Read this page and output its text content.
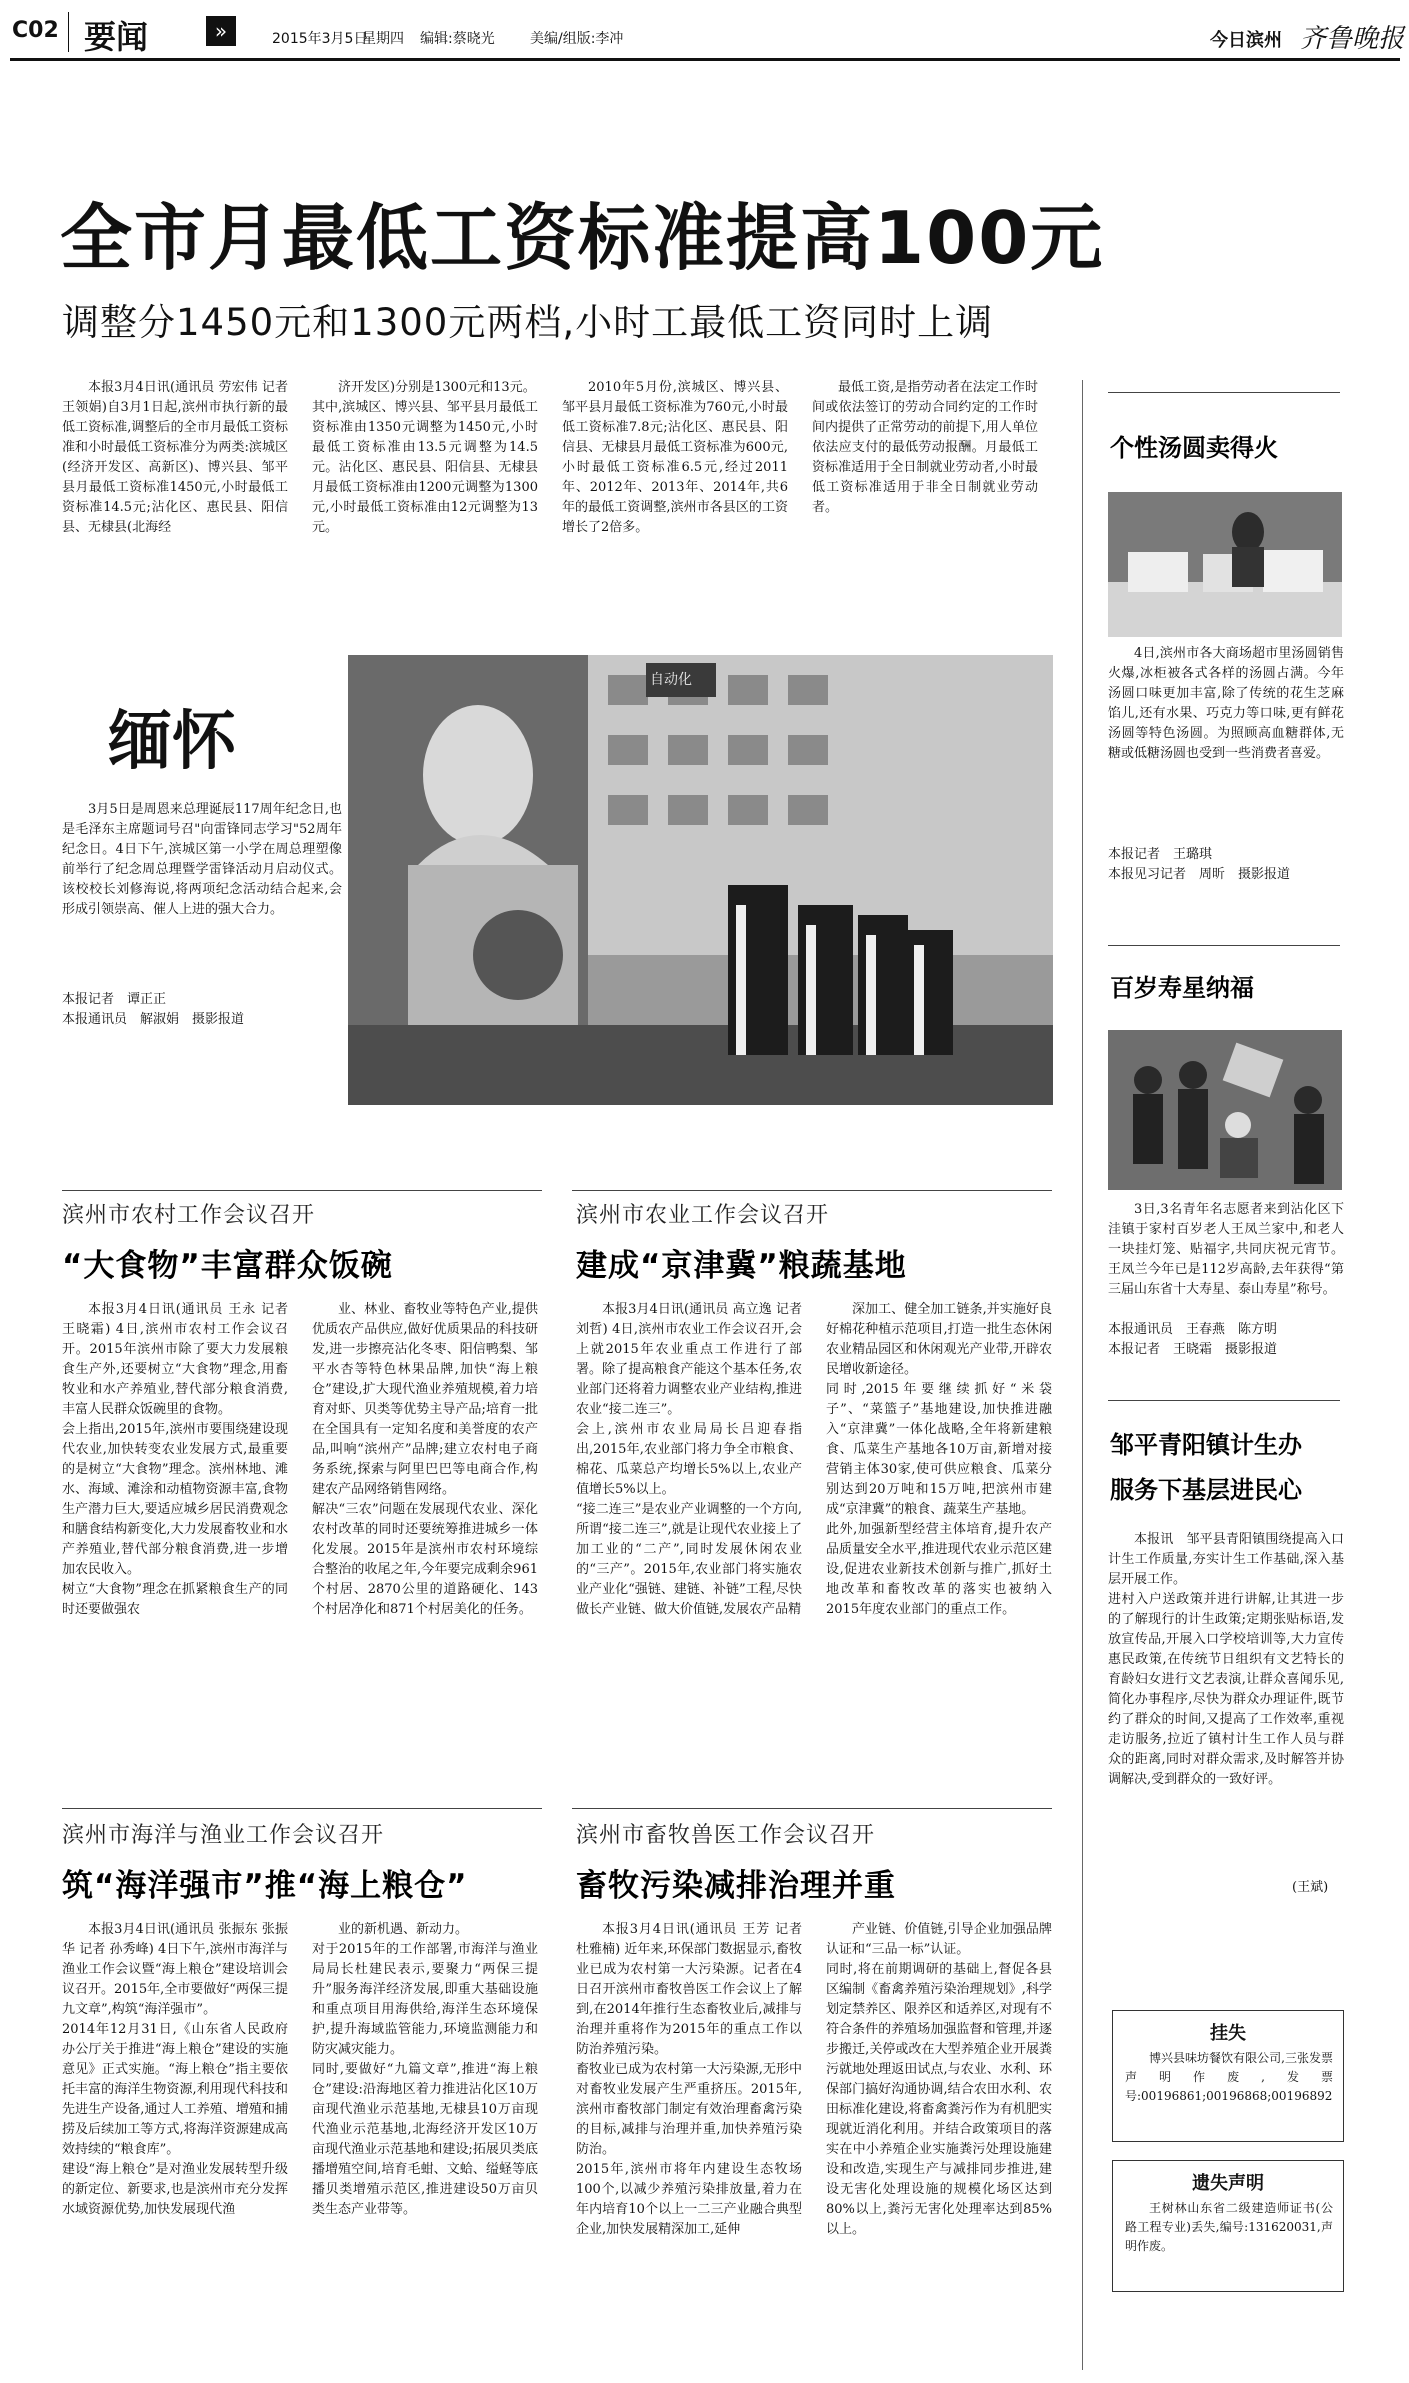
C02 要闻	»	2015年3月5日
星期四 编辑:蔡晓光	美编/组版:李冲	今日滨州 齐鲁晚报
全市月最低工资标准提高100元
调整分1450元和1300元两档,小时工最低工资同时上调
本报3月4日讯(通讯员 劳宏伟 记者 王领娟)自3月1日起,滨州市执行新的最低工资标准,调整后的全市月最低工资标准和小时最低工资标准分为两类:滨城区(经济开发区、高新区)、博兴县、邹平县月最低工资标准1450元,小时最低工资标准14.5元;沾化区、惠民县、阳信县、无棣县(北海经
济开发区)分别是1300元和13元。
其中,滨城区、博兴县、邹平县月最低工资标准由1350元调整为1450元,小时最低工资标准由13.5元调整为14.5元。沾化区、惠民县、阳信县、无棣县月最低工资标准由1200元调整为1300元,小时最低工资标准由12元调整为13元。
2010年5月份,滨城区、博兴县、邹平县月最低工资标准为760元,小时最低工资标准7.8元;沾化区、惠民县、阳信县、无棣县月最低工资标准为600元,小时最低工资标准6.5元,经过2011年、2012年、2013年、2014年,共6年的最低工资调整,滨州市各县区的工资增长了2倍多。
最低工资,是指劳动者在法定工作时间或依法签订的劳动合同约定的工作时间内提供了正常劳动的前提下,用人单位依法应支付的最低劳动报酬。月最低工资标准适用于全日制就业劳动者,小时最低工资标准适用于非全日制就业劳动者。
缅怀
3月5日是周恩来总理诞辰117周年纪念日,也是毛泽东主席题词号召"向雷锋同志学习"52周年纪念日。4日下午,滨城区第一小学在周总理塑像前举行了纪念周总理暨学雷锋活动月启动仪式。该校校长刘修海说,将两项纪念活动结合起来,会形成引领崇高、催人上进的强大合力。
本报记者　谭正正
本报通讯员　解淑娟　摄影报道
自动化
滨州市农村工作会议召开
“大食物”丰富群众饭碗
本报3月4日讯(通讯员 王永 记者 王晓霜) 4日,滨州市农村工作会议召开。2015年滨州市除了要大力发展粮食生产外,还要树立“大食物”理念,用畜牧业和水产养殖业,替代部分粮食消费,丰富人民群众饭碗里的食物。
会上指出,2015年,滨州市要围绕建设现代农业,加快转变农业发展方式,最重要的是树立“大食物”理念。滨州林地、滩水、海域、滩涂和动植物资源丰富,食物生产潜力巨大,要适应城乡居民消费观念和膳食结构新变化,大力发展畜牧业和水产养殖业,替代部分粮食消费,进一步增加农民收入。
树立“大食物”理念在抓紧粮食生产的同时还要做强农
业、林业、畜牧业等特色产业,提供优质农产品供应,做好优质果品的科技研发,进一步擦亮沾化冬枣、阳信鸭梨、邹平水杏等特色林果品牌,加快“海上粮仓”建设,扩大现代渔业养殖规模,着力培育对虾、贝类等优势主导产品;培育一批在全国具有一定知名度和美誉度的农产品,叫响“滨州产”品牌;建立农村电子商务系统,探索与阿里巴巴等电商合作,构建农产品网络销售网络。
解决“三农”问题在发展现代农业、深化农村改革的同时还要统筹推进城乡一体化发展。2015年是滨州市农村环境综合整治的收尾之年,今年要完成剩余961个村居、2870公里的道路硬化、143个村居净化和871个村居美化的任务。
滨州市农业工作会议召开
建成“京津冀”粮蔬基地
本报3月4日讯(通讯员 高立逸 记者 刘哲) 4日,滨州市农业工作会议召开,会上就2015年农业重点工作进行了部署。除了提高粮食产能这个基本任务,农业部门还将着力调整农业产业结构,推进农业“接二连三”。
会上,滨州市农业局局长吕迎春指出,2015年,农业部门将力争全市粮食、棉花、瓜菜总产均增长5%以上,农业产值增长5%以上。
“接二连三”是农业产业调整的一个方向,所谓“接二连三”,就是让现代农业接上了加工业的“二产”,同时发展休闲农业的“三产”。2015年,农业部门将实施农业产业化“强链、建链、补链”工程,尽快做长产业链、做大价值链,发展农产品精
深加工、健全加工链条,并实施好良好棉花种植示范项目,打造一批生态休闲农业精品园区和休闲观光产业带,开辟农民增收新途径。
同时,2015年要继续抓好“米袋子”、“菜篮子”基地建设,加快推进融入“京津冀”一体化战略,全年将新建粮食、瓜菜生产基地各10万亩,新增对接营销主体30家,使可供应粮食、瓜菜分别达到20万吨和15万吨,把滨州市建成“京津冀”的粮食、蔬菜生产基地。
此外,加强新型经营主体培育,提升农产品质量安全水平,推进现代农业示范区建设,促进农业新技术创新与推广,抓好土地改革和畜牧改革的落实也被纳入2015年度农业部门的重点工作。
滨州市海洋与渔业工作会议召开
筑“海洋强市”推“海上粮仓”
本报3月4日讯(通讯员 张振东 张振华 记者 孙秀峰) 4日下午,滨州市海洋与渔业工作会议暨“海上粮仓”建设培训会议召开。2015年,全市要做好“两保三提九文章”,构筑“海洋强市”。
2014年12月31日,《山东省人民政府办公厅关于推进“海上粮仓”建设的实施意见》正式实施。“海上粮仓”指主要依托丰富的海洋生物资源,利用现代科技和先进生产设备,通过人工养殖、增殖和捕捞及后续加工等方式,将海洋资源建成高效持续的“粮食库”。
建设“海上粮仓”是对渔业发展转型升级的新定位、新要求,也是滨州市充分发挥水域资源优势,加快发展现代渔
业的新机遇、新动力。
对于2015年的工作部署,市海洋与渔业局局长杜建民表示,要聚力“两保三提升”服务海洋经济发展,即重大基础设施和重点项目用海供给,海洋生态环境保护,提升海域监管能力,环境监测能力和防灾减灾能力。
同时,要做好“九篇文章”,推进“海上粮仓”建设:沿海地区着力推进沾化区10万亩现代渔业示范基地,无棣县10万亩现代渔业示范基地,北海经济开发区10万亩现代渔业示范基地和建设;拓展贝类底播增殖空间,培育毛蚶、文蛤、缢蛏等底播贝类增殖示范区,推进建设50万亩贝类生态产业带等。
滨州市畜牧兽医工作会议召开
畜牧污染减排治理并重
本报3月4日讯(通讯员 王芳 记者 杜雅楠) 近年来,环保部门数据显示,畜牧业已成为农村第一大污染源。记者在4日召开滨州市畜牧兽医工作会议上了解到,在2014年推行生态畜牧业后,减排与治理并重将作为2015年的重点工作以防治养殖污染。
畜牧业已成为农村第一大污染源,无形中对畜牧业发展产生严重挤压。2015年,滨州市畜牧部门制定有效治理畜禽污染的目标,减排与治理并重,加快养殖污染防治。
2015年,滨州市将年内建设生态牧场100个,以减少养殖污染排放量,着力在年内培育10个以上一二三产业融合典型企业,加快发展精深加工,延伸
产业链、价值链,引导企业加强品牌认证和“三品一标”认证。
同时,将在前期调研的基础上,督促各县区编制《畜禽养殖污染治理规划》,科学划定禁养区、限养区和适养区,对现有不符合条件的养殖场加强监督和管理,并逐步搬迁,关停或改在大型养殖企业开展粪污就地处理返田试点,与农业、水利、环保部门搞好沟通协调,结合农田水利、农田标准化建设,将畜禽粪污作为有机肥实现就近消化利用。并结合政策项目的落实在中小养殖企业实施粪污处理设施建设和改造,实现生产与减排同步推进,建设无害化处理设施的规模化场区达到80%以上,粪污无害化处理率达到85%以上。
个性汤圆卖得火
4日,滨州市各大商场超市里汤圆销售火爆,冰柜被各式各样的汤圆占满。今年汤圆口味更加丰富,除了传统的花生芝麻馅儿,还有水果、巧克力等口味,更有鲜花汤圆等特色汤圆。为照顾高血糖群体,无糖或低糖汤圆也受到一些消费者喜爱。
本报记者　王璐琪
本报见习记者　周昕　摄影报道
百岁寿星纳福
3日,3名青年名志愿者来到沾化区下洼镇于家村百岁老人王凤兰家中,和老人一块挂灯笼、贴福字,共同庆祝元宵节。王凤兰今年已是112岁高龄,去年获得“第三届山东省十大寿星、泰山寿星”称号。
本报通讯员　王春燕　陈方明
本报记者　王晓霜　摄影报道
邹平青阳镇计生办
服务下基层进民心
本报讯　邹平县青阳镇围绕提高入口计生工作质量,夯实计生工作基础,深入基层开展工作。
进村入户送政策并进行讲解,让其进一步的了解现行的计生政策;定期张贴标语,发放宣传品,开展入口学校培训等,大力宣传惠民政策,在传统节日组织有文艺特长的育龄妇女进行文艺表演,让群众喜闻乐见,简化办事程序,尽快为群众办理证件,既节约了群众的时间,又提高了工作效率,重视走访服务,拉近了镇村计生工作人员与群众的距离,同时对群众需求,及时解答并协调解决,受到群众的一致好评。
(王斌)
挂失
博兴县味坊餐饮有限公司,三张发票声明作废,发票号:00196861;00196868;00196892
遗失声明
王树林山东省二级建造师证书(公路工程专业)丢失,编号:131620031,声明作废。
